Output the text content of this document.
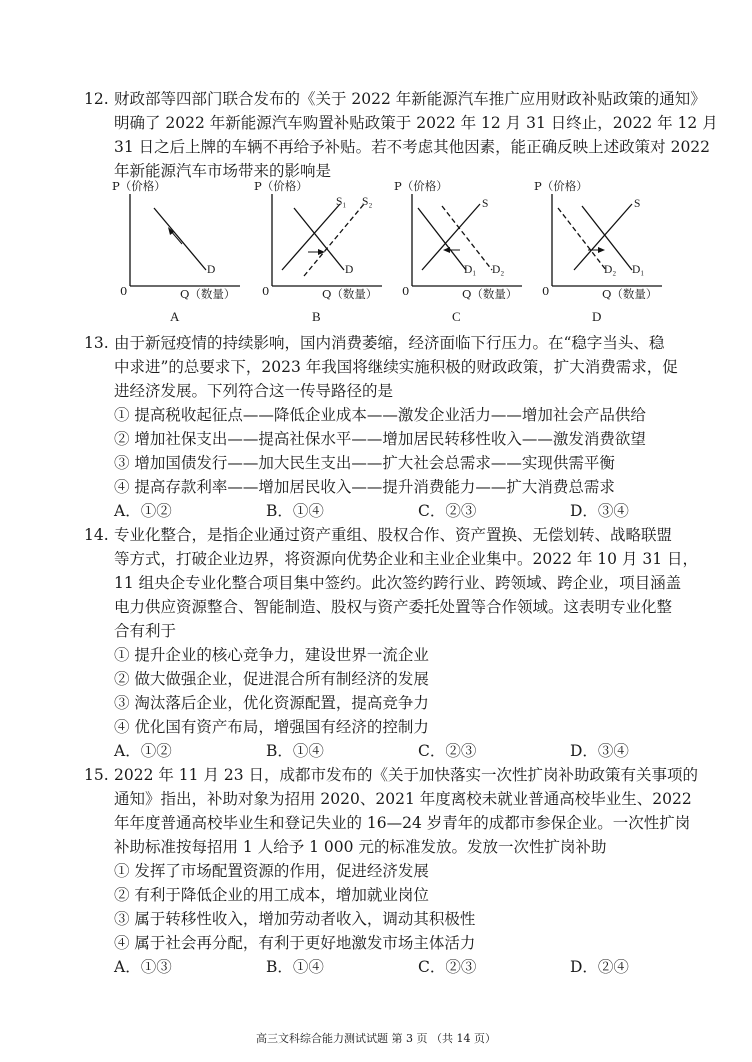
12. 财政部等四部门联合发布的《关于 2022 年新能源汽车推广应用财政补贴政策的通知》
明确了 2022 年新能源汽车购置补贴政策于 2022 年 12 月 31 日终止，2022 年 12 月
31 日之后上牌的车辆不再给予补贴。若不考虑其他因素，能正确反映上述政策对 2022
年新能源汽车市场带来的影响是
P（价格）
0	Q（数量）
D
A
P（价格）
0	Q（数量）
S₁ S₂
D
B
P（价格）
0	Q（数量）
S
D₁ D₂
C
P（价格）
0	Q（数量）
S
D₂ D₁
D
13. 由于新冠疫情的持续影响，国内消费萎缩，经济面临下行压力。在“稳字当头、稳
中求进”的总要求下，2023 年我国将继续实施积极的财政政策，扩大消费需求，促
进经济发展。下列符合这一传导路径的是
① 提高税收起征点——降低企业成本——激发企业活力——增加社会产品供给
② 增加社保支出——提高社保水平——增加居民转移性收入——激发消费欲望
③ 增加国债发行——加大民生支出——扩大社会总需求——实现供需平衡
④ 提高存款利率——增加居民收入——提升消费能力——扩大消费总需求
A．①②	B．①④	C．②③	D．③④
14. 专业化整合，是指企业通过资产重组、股权合作、资产置换、无偿划转、战略联盟
等方式，打破企业边界，将资源向优势企业和主业企业集中。2022 年 10 月 31 日，
11 组央企专业化整合项目集中签约。此次签约跨行业、跨领域、跨企业，项目涵盖
电力供应资源整合、智能制造、股权与资产委托处置等合作领域。这表明专业化整
合有利于
① 提升企业的核心竞争力，建设世界一流企业
② 做大做强企业，促进混合所有制经济的发展
③ 淘汰落后企业，优化资源配置，提高竞争力
④ 优化国有资产布局，增强国有经济的控制力
A．①②	B．①④	C．②③	D．③④
15. 2022 年 11 月 23 日，成都市发布的《关于加快落实一次性扩岗补助政策有关事项的
通知》指出，补助对象为招用 2020、2021 年度离校未就业普通高校毕业生、2022
年年度普通高校毕业生和登记失业的 16—24 岁青年的成都市参保企业。一次性扩岗
补助标准按每招用 1 人给予 1 000 元的标准发放。发放一次性扩岗补助
① 发挥了市场配置资源的作用，促进经济发展
② 有利于降低企业的用工成本，增加就业岗位
③ 属于转移性收入，增加劳动者收入，调动其积极性
④ 属于社会再分配，有利于更好地激发市场主体活力
A．①③	B．①④	C．②③	D．②④
高三文科综合能力测试试题 第 3 页 （共 14 页）
